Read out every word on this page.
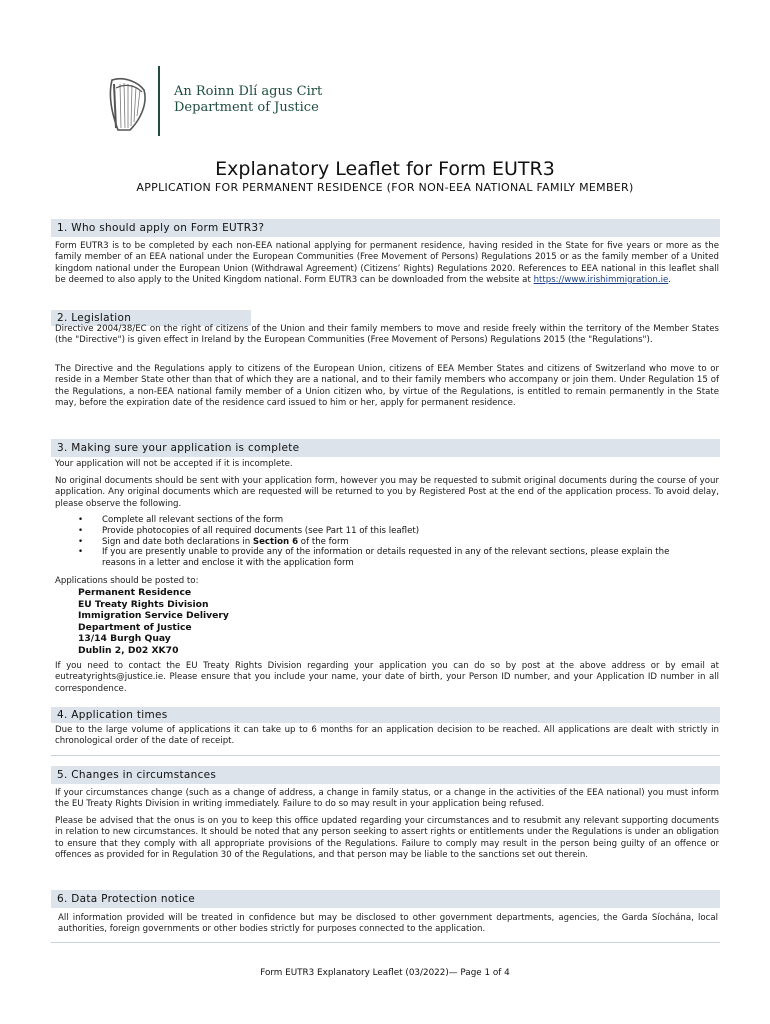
An Roinn Dlí agus Cirt
Department of Justice
Explanatory Leaflet for Form EUTR3
APPLICATION FOR PERMANENT RESIDENCE (FOR NON-EEA NATIONAL FAMILY MEMBER)
1. Who should apply on Form EUTR3?
Form EUTR3 is to be completed by each non-EEA national applying for permanent residence, having resided in the State for five years or more as the family member of an EEA national under the European Communities (Free Movement of Persons) Regulations 2015 or as the family member of a United kingdom national under the European Union (Withdrawal Agreement) (Citizens’ Rights) Regulations 2020. References to EEA national in this leaflet shall be deemed to also apply to the United Kingdom national. Form EUTR3 can be downloaded from the website at https://www.irishimmigration.ie.
2. Legislation
Directive 2004/38/EC on the right of citizens of the Union and their family members to move and reside freely within the territory of the Member States (the "Directive") is given effect in Ireland by the European Communities (Free Movement of Persons) Regulations 2015 (the "Regulations").
The Directive and the Regulations apply to citizens of the European Union, citizens of EEA Member States and citizens of Switzerland who move to or reside in a Member State other than that of which they are a national, and to their family members who accompany or join them. Under Regulation 15 of the Regulations, a non-EEA national family member of a Union citizen who, by virtue of the Regulations, is entitled to remain permanently in the State may, before the expiration date of the residence card issued to him or her, apply for permanent residence.
3. Making sure your application is complete
Your application will not be accepted if it is incomplete.
No original documents should be sent with your application form, however you may be requested to submit original documents during the course of your application. Any original documents which are requested will be returned to you by Registered Post at the end of the application process. To avoid delay, please observe the following.
• Complete all relevant sections of the form
• Provide photocopies of all required documents (see Part 11 of this leaflet)
• Sign and date both declarations in Section 6 of the form
• If you are presently unable to provide any of the information or details requested in any of the relevant sections, please explain the reasons in a letter and enclose it with the application form
Applications should be posted to:
Permanent Residence
EU Treaty Rights Division
Immigration Service Delivery
Department of Justice
13/14 Burgh Quay
Dublin 2, D02 XK70
If you need to contact the EU Treaty Rights Division regarding your application you can do so by post at the above address or by email at eutreatyrights@justice.ie. Please ensure that you include your name, your date of birth, your Person ID number, and your Application ID number in all correspondence.
4. Application times
Due to the large volume of applications it can take up to 6 months for an application decision to be reached. All applications are dealt with strictly in chronological order of the date of receipt.
5. Changes in circumstances
If your circumstances change (such as a change of address, a change in family status, or a change in the activities of the EEA national) you must inform the EU Treaty Rights Division in writing immediately. Failure to do so may result in your application being refused.
Please be advised that the onus is on you to keep this office updated regarding your circumstances and to resubmit any relevant supporting documents in relation to new circumstances. It should be noted that any person seeking to assert rights or entitlements under the Regulations is under an obligation to ensure that they comply with all appropriate provisions of the Regulations. Failure to comply may result in the person being guilty of an offence or offences as provided for in Regulation 30 of the Regulations, and that person may be liable to the sanctions set out therein.
6. Data Protection notice
All information provided will be treated in confidence but may be disclosed to other government departments, agencies, the Garda Síochána, local authorities, foreign governments or other bodies strictly for purposes connected to the application.
Form EUTR3 Explanatory Leaflet (03/2022)— Page 1 of 4
